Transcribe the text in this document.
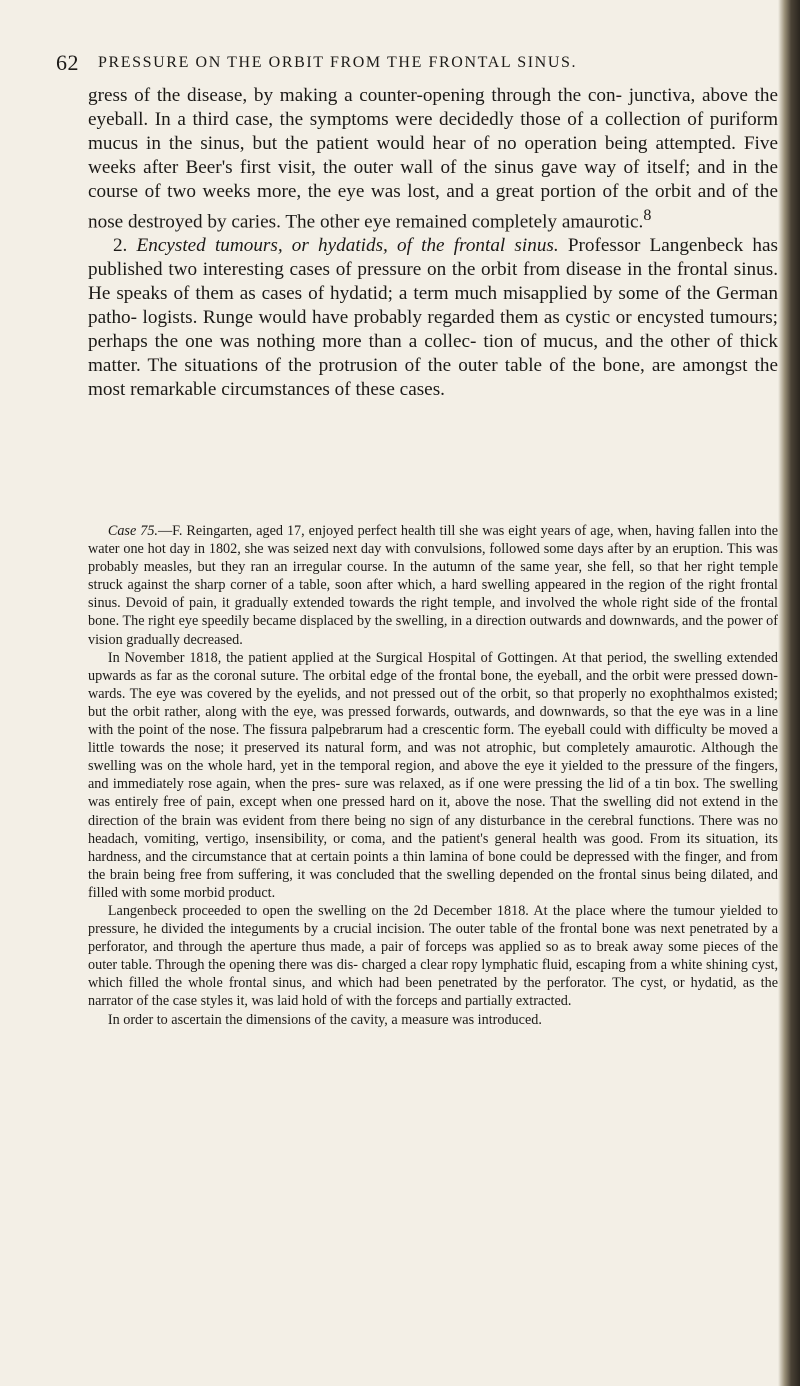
62 PRESSURE ON THE ORBIT FROM THE FRONTAL SINUS.

gress of the disease, by making a counter-opening through the con- junctiva, above the eyeball. In a third case, the symptoms were decidedly those of a collection of puriform mucus in the sinus, but the patient would hear of no operation being attempted. Five weeks after Beer's first visit, the outer wall of the sinus gave way of itself; and in the course of two weeks more, the eye was lost, and a great portion of the orbit and of the nose destroyed by caries. The other eye remained completely amaurotic.$^8$

2. Encysted tumours, or hydatids, of the frontal sinus. Professor Langenbeck has published two interesting cases of pressure on the orbit from disease in the frontal sinus. He speaks of them as cases of hydatid; a term much misapplied by some of the German patho- logists. Runge would have probably regarded them as cystic or encysted tumours; perhaps the one was nothing more than a collec- tion of mucus, and the other of thick matter. The situations of the protrusion of the outer table of the bone, are amongst the most remarkable circumstances of these cases.

Case 75.—F. Reingarten, aged 17, enjoyed perfect health till she was eight years of age, when, having fallen into the water one hot day in 1802, she was seized next day with convulsions, followed some days after by an eruption. This was probably measles, but they ran an irregular course. In the autumn of the same year, she fell, so that her right temple struck against the sharp corner of a table, soon after which, a hard swelling appeared in the region of the right frontal sinus. Devoid of pain, it gradually extended towards the right temple, and involved the whole right side of the frontal bone. The right eye speedily became displaced by the swelling, in a direction outwards and downwards, and the power of vision gradually decreased.

In November 1818, the patient applied at the Surgical Hospital of Gottingen. At that period, the swelling extended upwards as far as the coronal suture. The orbital edge of the frontal bone, the eyeball, and the orbit were pressed down- wards. The eye was covered by the eyelids, and not pressed out of the orbit, so that properly no exophthalmos existed; but the orbit rather, along with the eye, was pressed forwards, outwards, and downwards, so that the eye was in a line with the point of the nose. The fissura palpebrarum had a crescentic form. The eyeball could with difficulty be moved a little towards the nose; it preserved its natural form, and was not atrophic, but completely amaurotic. Although the swelling was on the whole hard, yet in the temporal region, and above the eye it yielded to the pressure of the fingers, and immediately rose again, when the pres- sure was relaxed, as if one were pressing the lid of a tin box. The swelling was entirely free of pain, except when one pressed hard on it, above the nose. That the swelling did not extend in the direction of the brain was evident from there being no sign of any disturbance in the cerebral functions. There was no headach, vomiting, vertigo, insensibility, or coma, and the patient's general health was good. From its situation, its hardness, and the circumstance that at certain points a thin lamina of bone could be depressed with the finger, and from the brain being free from suffering, it was concluded that the swelling depended on the frontal sinus being dilated, and filled with some morbid product.

Langenbeck proceeded to open the swelling on the 2d December 1818. At the place where the tumour yielded to pressure, he divided the integuments by a crucial incision. The outer table of the frontal bone was next penetrated by a perforator, and through the aperture thus made, a pair of forceps was applied so as to break away some pieces of the outer table. Through the opening there was dis- charged a clear ropy lymphatic fluid, escaping from a white shining cyst, which filled the whole frontal sinus, and which had been penetrated by the perforator. The cyst, or hydatid, as the narrator of the case styles it, was laid hold of with the forceps and partially extracted.

In order to ascertain the dimensions of the cavity, a measure was introduced.
